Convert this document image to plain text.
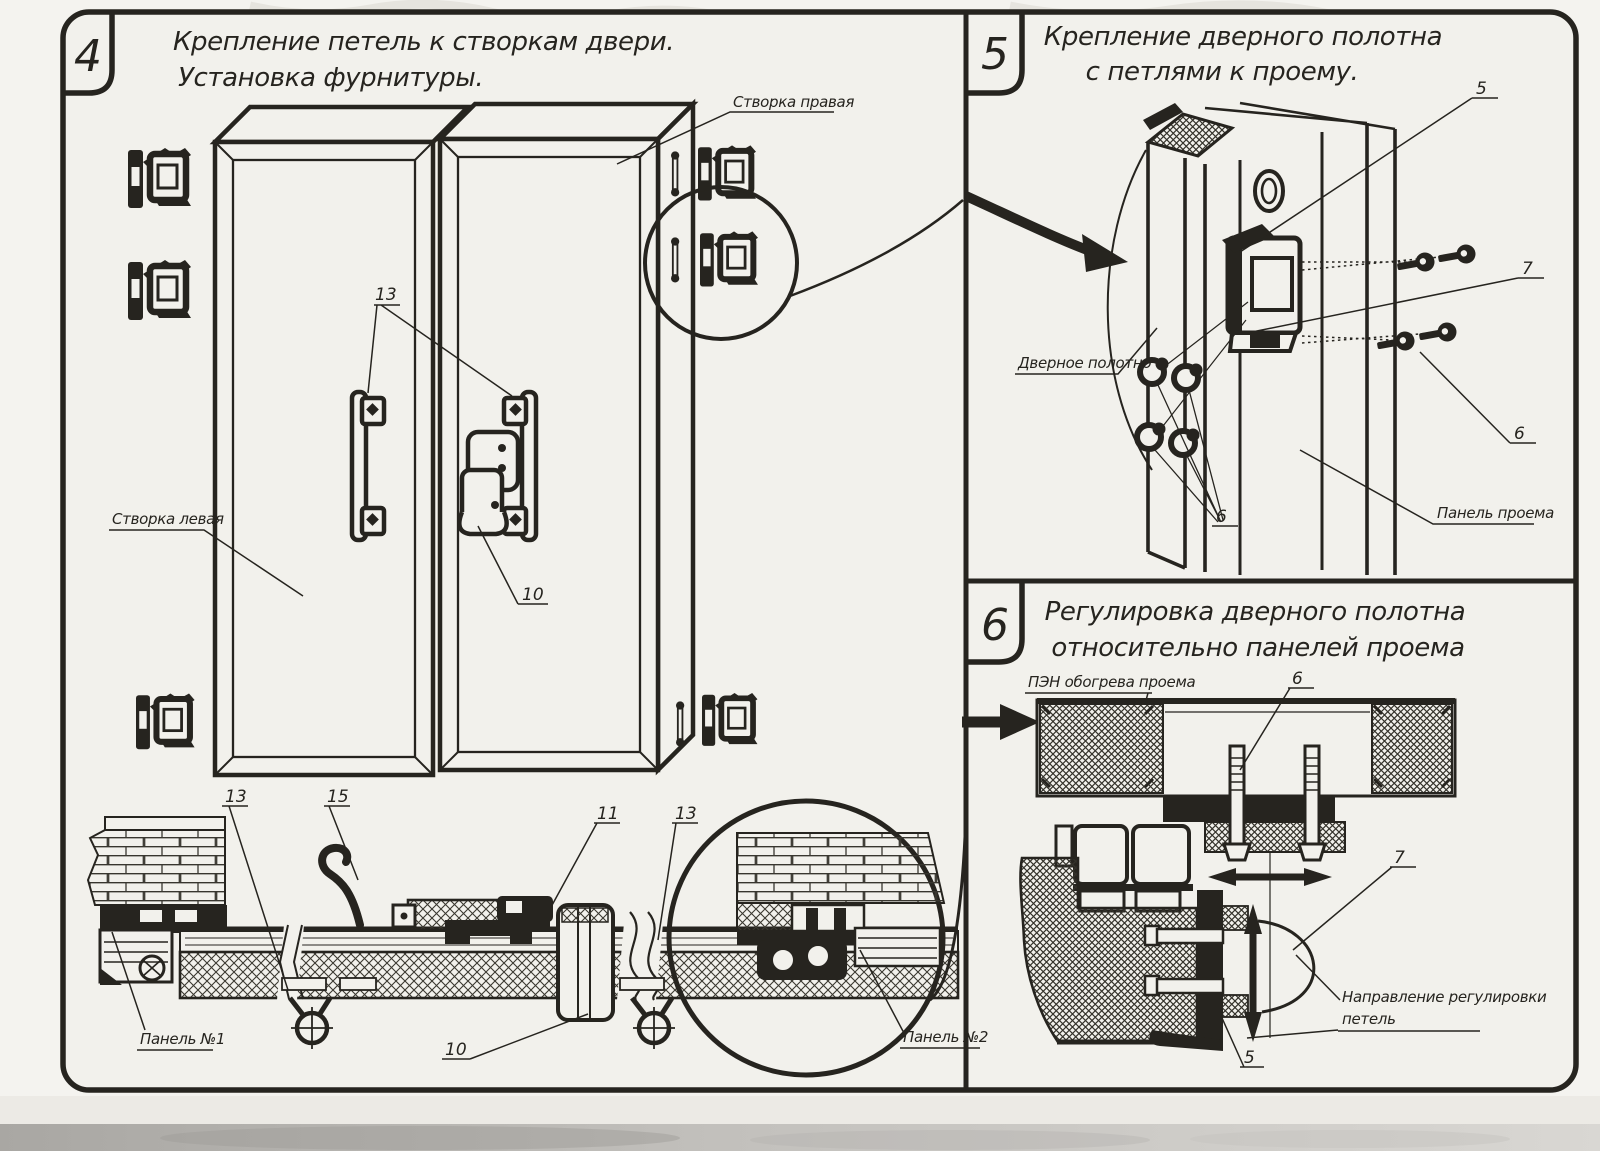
4	5
6
Крепление петель к створкам двери.
Установка фурнитуры.
Створка правая
Створка левая
13
10
13	15
11	13
10
Панель №1	Панель №2
Крепление дверного полотна
с петлями к проему.
6
6
7
5
Дверное полотно
Панель проема
Регулировка дверного полотна
относительно панелей проема
ПЭН обогрева проема	6
7
Направление регулировки
петель
5
